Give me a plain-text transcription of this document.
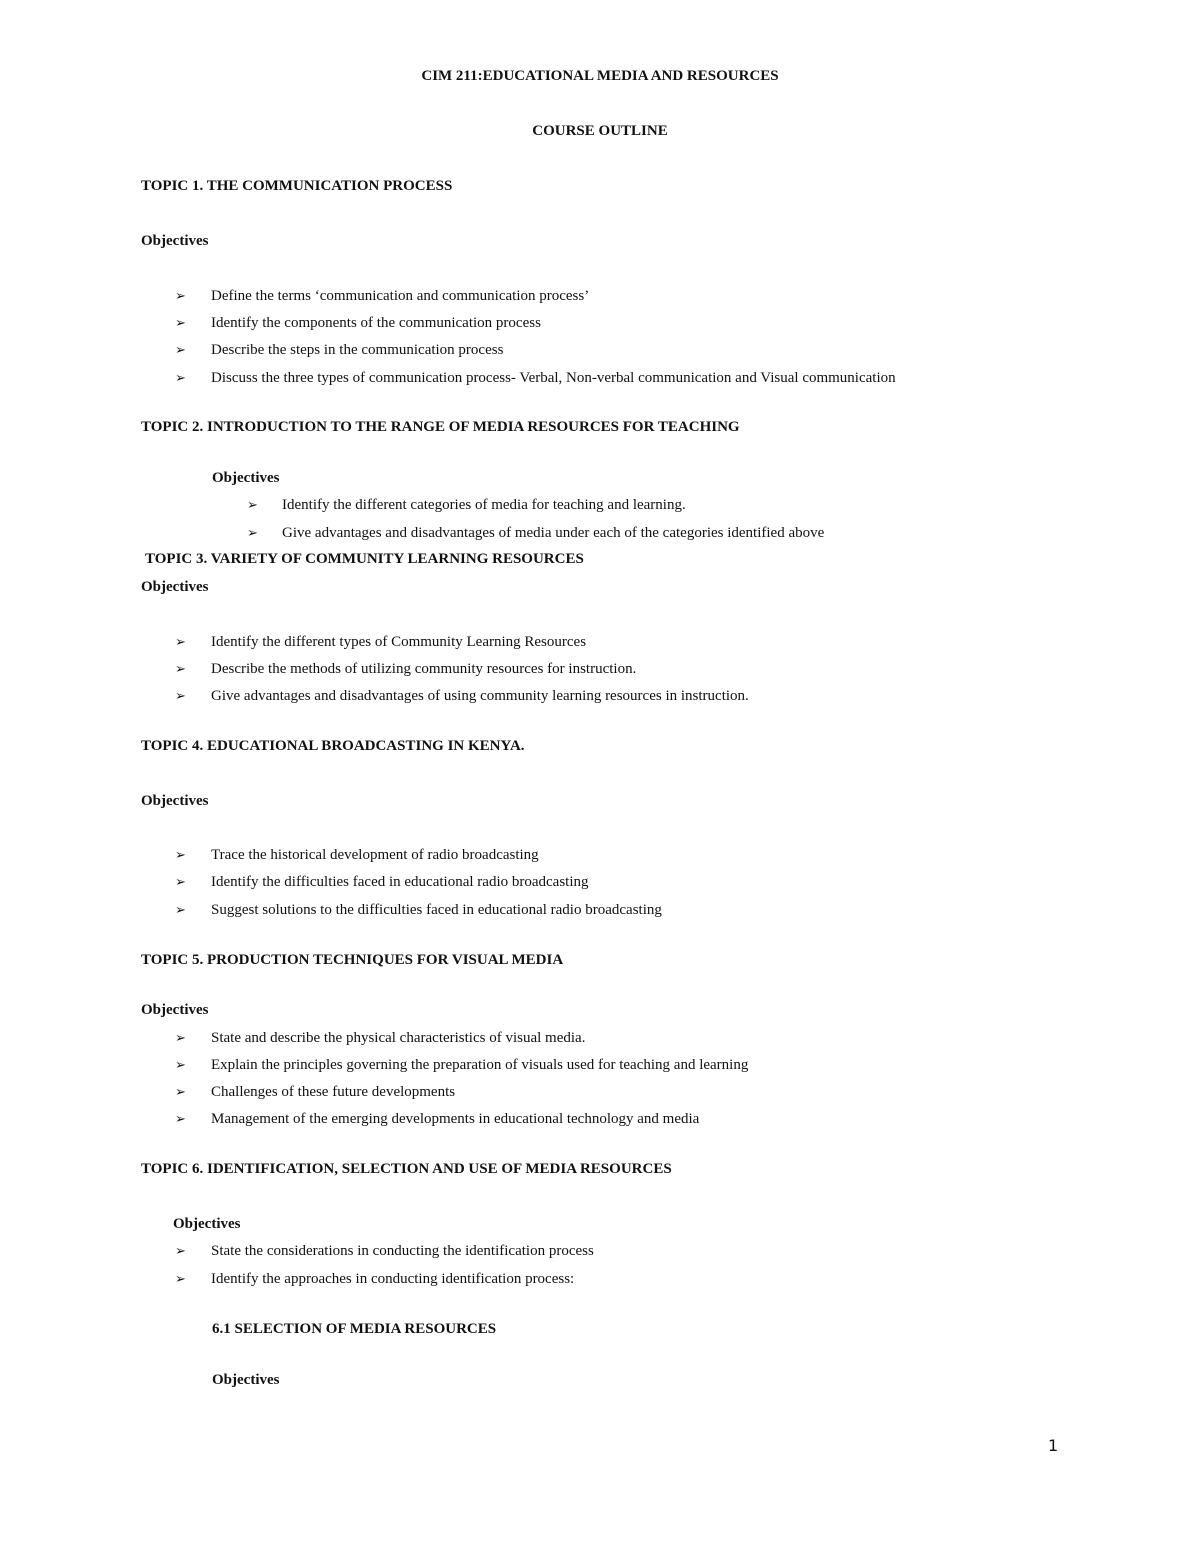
CIM 211:EDUCATIONAL MEDIA AND RESOURCES
COURSE OUTLINE
TOPIC 1. THE COMMUNICATION PROCESS
Objectives
➢ Define the terms ‘communication and communication process’
➢ Identify the components of the communication process
➢ Describe the steps in the communication process
➢ Discuss the three types of communication process- Verbal, Non-verbal communication and Visual communication
TOPIC 2. INTRODUCTION TO THE RANGE OF MEDIA RESOURCES FOR TEACHING
Objectives
➢ Identify the different categories of media for teaching and learning.
➢ Give advantages and disadvantages of media under each of the categories identified above
TOPIC 3. VARIETY OF COMMUNITY LEARNING RESOURCES
Objectives
➢ Identify the different types of Community Learning Resources
➢ Describe the methods of utilizing community resources for instruction.
➢ Give advantages and disadvantages of using community learning resources in instruction.
TOPIC 4. EDUCATIONAL BROADCASTING IN KENYA.
Objectives
➢ Trace the historical development of radio broadcasting
➢ Identify the difficulties faced in educational radio broadcasting
➢ Suggest solutions to the difficulties faced in educational radio broadcasting
TOPIC 5. PRODUCTION TECHNIQUES FOR VISUAL MEDIA
Objectives
➢ State and describe the physical characteristics of visual media.
➢ Explain the principles governing the preparation of visuals used for teaching and learning
➢ Challenges of these future developments
➢ Management of the emerging developments in educational technology and media
TOPIC 6. IDENTIFICATION, SELECTION AND USE OF MEDIA RESOURCES
Objectives
➢ State the considerations in conducting the identification process
➢ Identify the approaches in conducting identification process:
6.1 SELECTION OF MEDIA RESOURCES
Objectives
1
